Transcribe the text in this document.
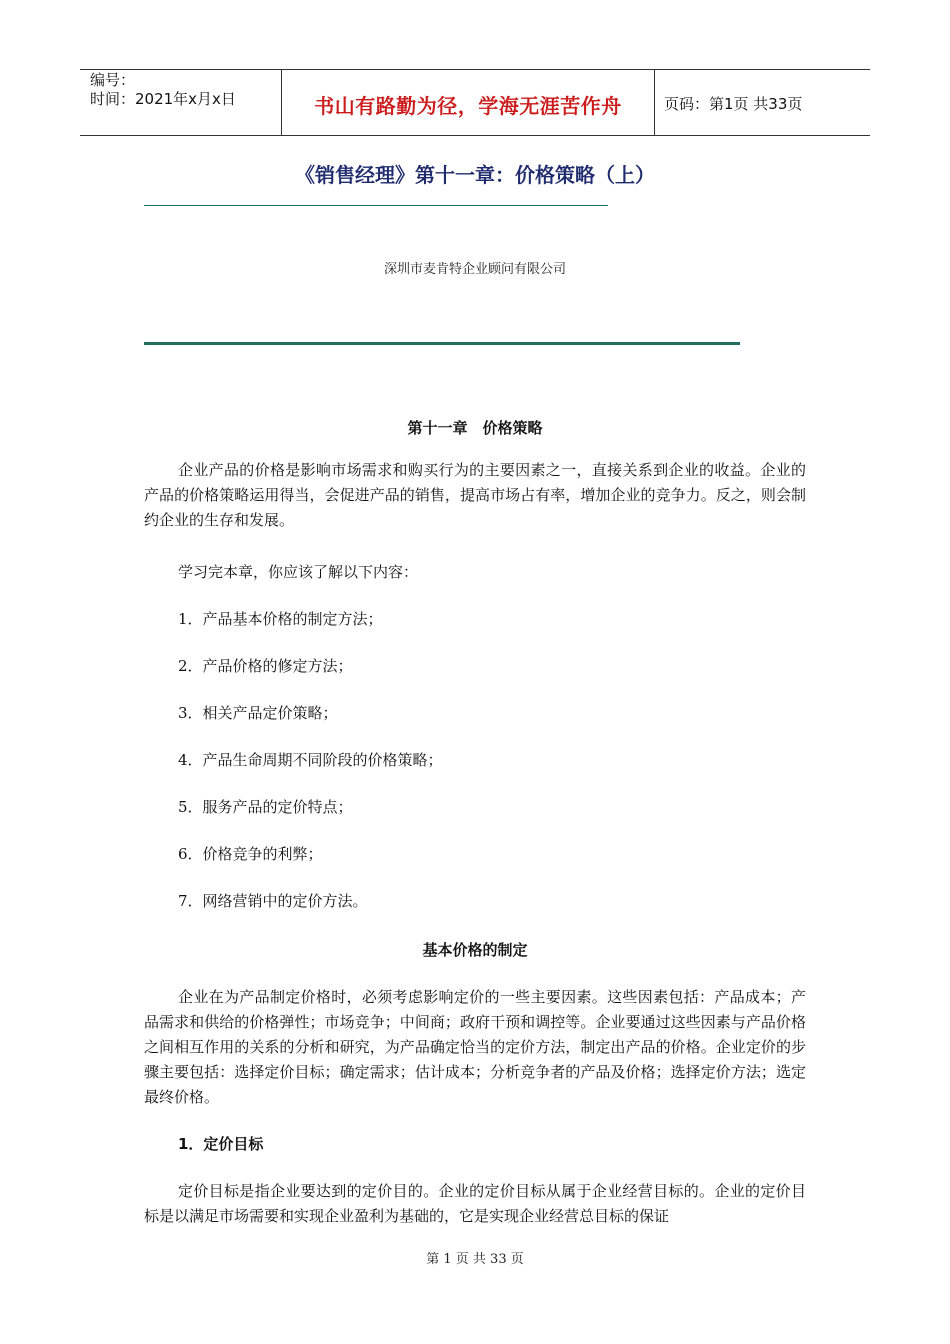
编号：
时间：2021年x月x日	书山有路勤为径，学海无涯苦作舟	页码：第1页 共33页
《销售经理》第十一章：价格策略（上）
深圳市麦肯特企业顾问有限公司
第十一章　价格策略
企业产品的价格是影响市场需求和购买行为的主要因素之一，直接关系到企业的收益。企业的产品的价格策略运用得当，会促进产品的销售，提高市场占有率，增加企业的竞争力。反之，则会制约企业的生存和发展。
学习完本章，你应该了解以下内容：
1．产品基本价格的制定方法；
2．产品价格的修定方法；
3．相关产品定价策略；
4．产品生命周期不同阶段的价格策略；
5．服务产品的定价特点；
6．价格竞争的利弊；
7．网络营销中的定价方法。
基本价格的制定
企业在为产品制定价格时，必须考虑影响定价的一些主要因素。这些因素包括：产品成本；产品需求和供给的价格弹性；市场竞争；中间商；政府干预和调控等。企业要通过这些因素与产品价格之间相互作用的关系的分析和研究，为产品确定恰当的定价方法，制定出产品的价格。企业定价的步骤主要包括：选择定价目标；确定需求；估计成本；分析竞争者的产品及价格；选择定价方法；选定最终价格。
1．定价目标
定价目标是指企业要达到的定价目的。企业的定价目标从属于企业经营目标的。企业的定价目标是以满足市场需要和实现企业盈利为基础的，它是实现企业经营总目标的保证
第 1 页 共 33 页
